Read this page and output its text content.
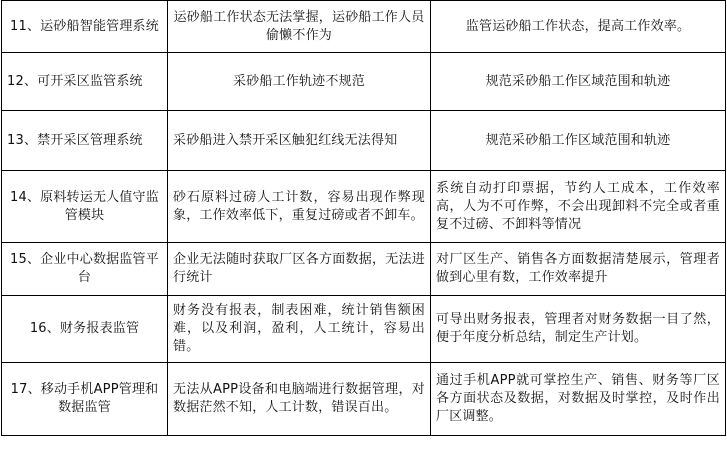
11、运砂船智能管理系统	运砂船工作状态无法掌握，运砂船工作人员偷懒不作为	监管运砂船工作状态，提高工作效率。
12、可开采区监管系统	采砂船工作轨迹不规范	规范采砂船工作区域范围和轨迹
13、禁开采区管理系统	采砂船进入禁开采区触犯红线无法得知	规范采砂船工作区域范围和轨迹
14、原料转运无人值守监管模块	砂石原料过磅人工计数，容易出现作弊现象，工作效率低下，重复过磅或者不卸车。	系统自动打印票据，节约人工成本，工作效率高，人为不可作弊，不会出现卸料不完全或者重复不过磅、不卸料等情况
15、企业中心数据监管平台	企业无法随时获取厂区各方面数据，无法进行统计	对厂区生产、销售各方面数据清楚展示，管理者做到心里有数，工作效率提升
16、财务报表监管	财务没有报表，制表困难，统计销售额困难，以及利润，盈利，人工统计，容易出错。	可导出财务报表，管理者对财务数据一目了然，便于年度分析总结，制定生产计划。
17、移动手机APP管理和数据监管	无法从APP设备和电脑端进行数据管理，对数据茫然不知，人工计数，错误百出。	通过手机APP就可掌控生产、销售、财务等厂区各方面状态及数据，对数据及时掌控，及时作出厂区调整。
